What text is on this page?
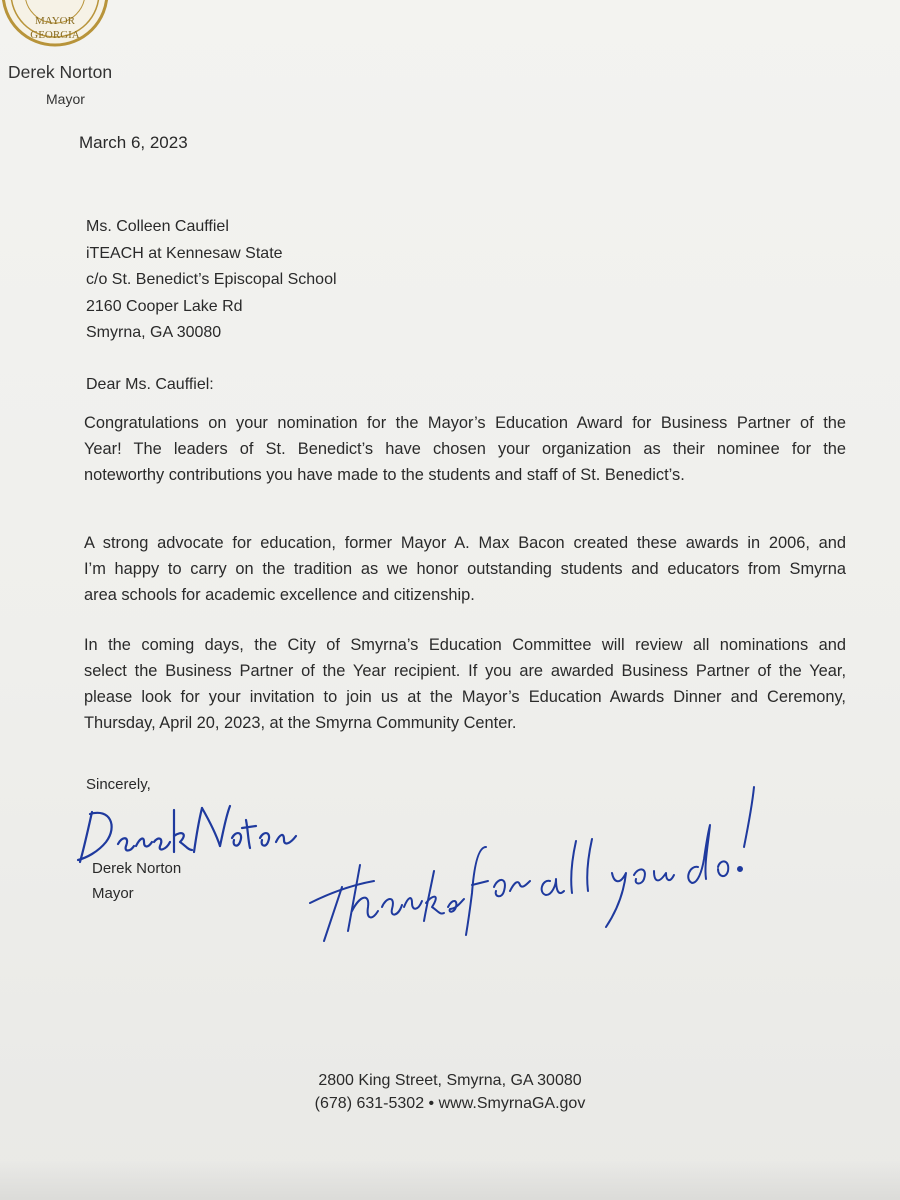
MAYOR
GEORGIA
Derek Norton
Mayor
March 6, 2023
Ms. Colleen Cauffiel
iTEACH at Kennesaw State
c/o St. Benedict’s Episcopal School
2160 Cooper Lake Rd
Smyrna, GA 30080
Dear Ms. Cauffiel:
Congratulations on your nomination for the Mayor’s Education Award for Business Partner of the
Year! The leaders of St. Benedict’s have chosen your organization as their nominee for the
noteworthy contributions you have made to the students and staff of St. Benedict’s.
A strong advocate for education, former Mayor A. Max Bacon created these awards in 2006, and
I’m happy to carry on the tradition as we honor outstanding students and educators from Smyrna
area schools for academic excellence and citizenship.
In the coming days, the City of Smyrna’s Education Committee will review all nominations and
select the Business Partner of the Year recipient. If you are awarded Business Partner of the Year,
please look for your invitation to join us at the Mayor’s Education Awards Dinner and Ceremony,
Thursday, April 20, 2023, at the Smyrna Community Center.
Sincerely,
Derek Norton
Mayor
2800 King Street, Smyrna, GA 30080
(678) 631-5302 • www.SmyrnaGA.gov
